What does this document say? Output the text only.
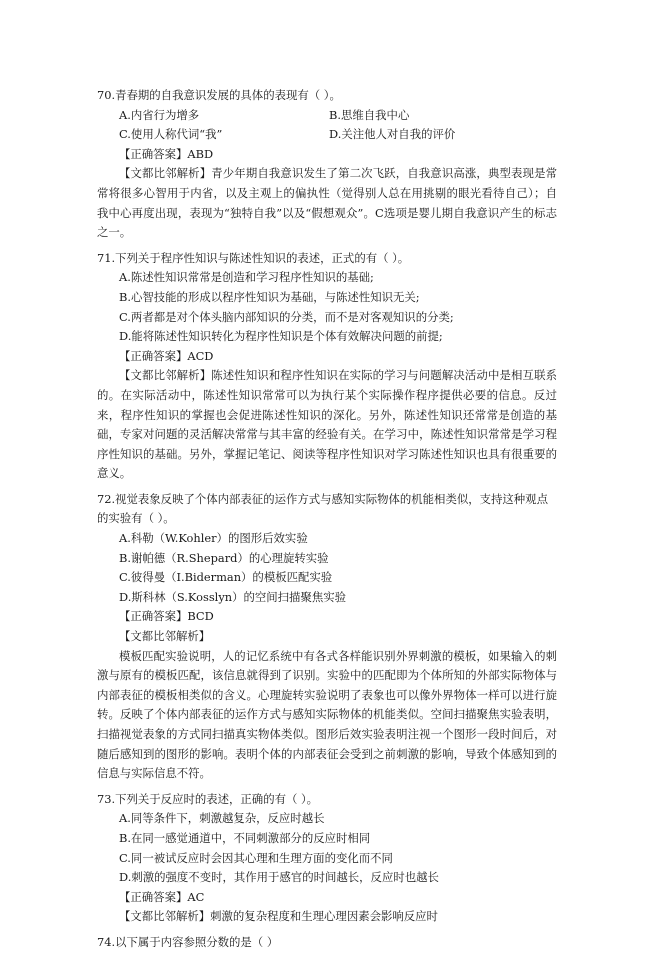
70.青春期的自我意识发展的具体的表现有（ ）。

A.内省行为增多	B.思维自我中心

C.使用人称代词“我”	D.关注他人对自我的评价

【正确答案】ABD

【文都比邻解析】青少年期自我意识发生了第二次飞跃，自我意识高涨，典型表现是常常将很多心智用于内省，以及主观上的偏执性（觉得别人总在用挑剔的眼光看待自己）；自我中心再度出现，表现为“独特自我”以及“假想观众”。C选项是婴儿期自我意识产生的标志之一。

71.下列关于程序性知识与陈述性知识的表述，正式的有（ ）。

A.陈述性知识常常是创造和学习程序性知识的基础;

B.心智技能的形成以程序性知识为基础，与陈述性知识无关;

C.两者都是对个体头脑内部知识的分类，而不是对客观知识的分类;

D.能将陈述性知识转化为程序性知识是个体有效解决问题的前提;

【正确答案】ACD

【文都比邻解析】陈述性知识和程序性知识在实际的学习与问题解决活动中是相互联系的。在实际活动中，陈述性知识常常可以为执行某个实际操作程序提供必要的信息。反过来，程序性知识的掌握也会促进陈述性知识的深化。另外，陈述性知识还常常是创造的基础，专家对问题的灵活解决常常与其丰富的经验有关。在学习中，陈述性知识常常是学习程序性知识的基础。另外，掌握记笔记、阅读等程序性知识对学习陈述性知识也具有很重要的意义。

72.视觉表象反映了个体内部表征的运作方式与感知实际物体的机能相类似，支持这种观点的实验有（ ）。

A.科勒（W.Kohler）的图形后效实验

B.谢帕德（R.Shepard）的心理旋转实验

C.彼得曼（I.Biderman）的模板匹配实验

D.斯科林（S.Kosslyn）的空间扫描聚焦实验

【正确答案】BCD

【文都比邻解析】

模板匹配实验说明，人的记忆系统中有各式各样能识别外界刺激的模板，如果输入的刺激与原有的模板匹配，该信息就得到了识别。实验中的匹配即为个体所知的外部实际物体与内部表征的模板相类似的含义。心理旋转实验说明了表象也可以像外界物体一样可以进行旋转。反映了个体内部表征的运作方式与感知实际物体的机能类似。空间扫描聚焦实验表明，扫描视觉表象的方式同扫描真实物体类似。图形后效实验表明注视一个图形一段时间后，对随后感知到的图形的影响。表明个体的内部表征会受到之前刺激的影响，导致个体感知到的信息与实际信息不符。

73.下列关于反应时的表述，正确的有（ ）。

A.同等条件下，刺激越复杂，反应时越长

B.在同一感觉通道中，不同刺激部分的反应时相同

C.同一被试反应时会因其心理和生理方面的变化而不同

D.刺激的强度不变时，其作用于感官的时间越长，反应时也越长

【正确答案】AC

【文都比邻解析】刺激的复杂程度和生理心理因素会影响反应时

74.以下属于内容参照分数的是（ ）
